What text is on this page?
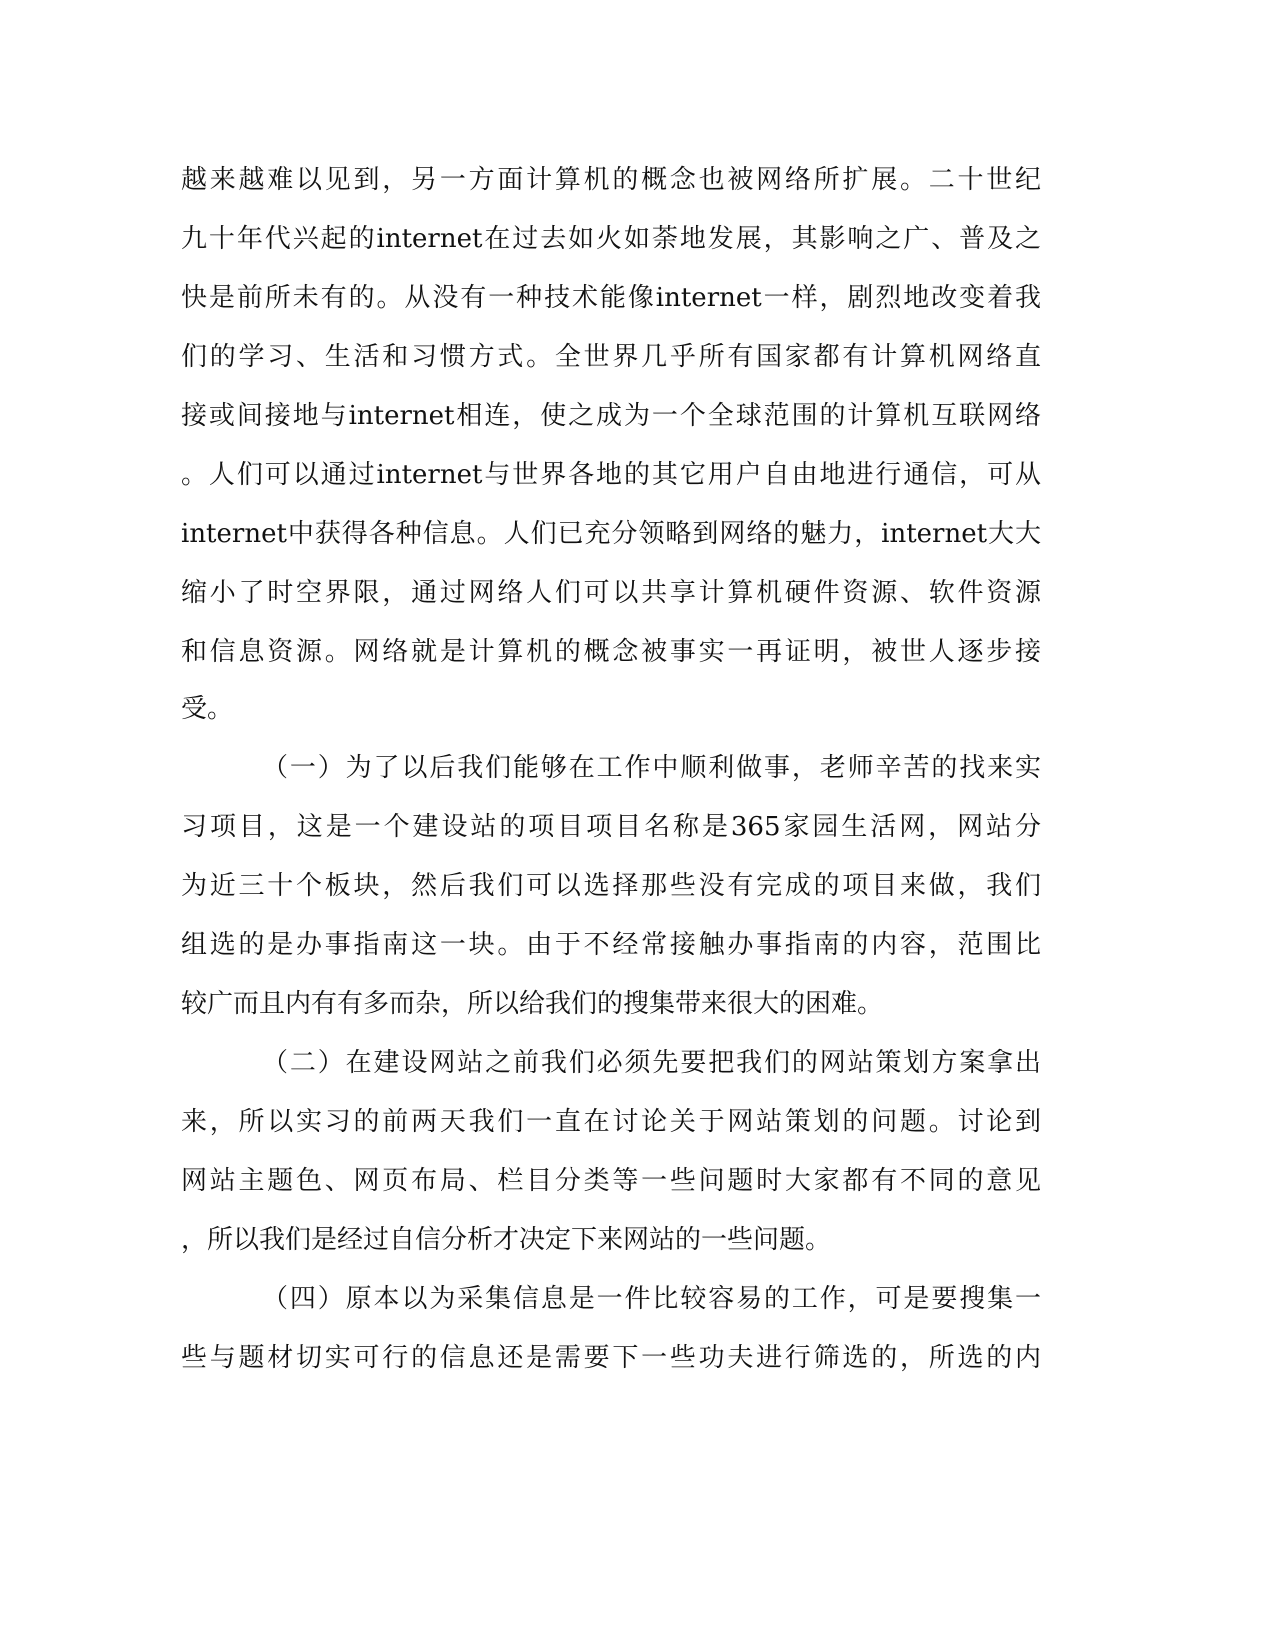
越来越难以见到，另一方面计算机的概念也被网络所扩展。二十世纪
九十年代兴起的internet在过去如火如荼地发展，其影响之广、普及之
快是前所未有的。从没有一种技术能像internet一样，剧烈地改变着我
们的学习、生活和习惯方式。全世界几乎所有国家都有计算机网络直
接或间接地与internet相连，使之成为一个全球范围的计算机互联网络
。人们可以通过internet与世界各地的其它用户自由地进行通信，可从
internet中获得各种信息。人们已充分领略到网络的魅力，internet大大
缩小了时空界限，通过网络人们可以共享计算机硬件资源、软件资源
和信息资源。网络就是计算机的概念被事实一再证明，被世人逐步接
受。
（一）为了以后我们能够在工作中顺利做事，老师辛苦的找来实
习项目，这是一个建设站的项目项目名称是365家园生活网，网站分
为近三十个板块，然后我们可以选择那些没有完成的项目来做，我们
组选的是办事指南这一块。由于不经常接触办事指南的内容，范围比
较广而且内有有多而杂，所以给我们的搜集带来很大的困难。
（二）在建设网站之前我们必须先要把我们的网站策划方案拿出
来，所以实习的前两天我们一直在讨论关于网站策划的问题。讨论到
网站主题色、网页布局、栏目分类等一些问题时大家都有不同的意见
，所以我们是经过自信分析才决定下来网站的一些问题。
（四）原本以为采集信息是一件比较容易的工作，可是要搜集一
些与题材切实可行的信息还是需要下一些功夫进行筛选的，所选的内
